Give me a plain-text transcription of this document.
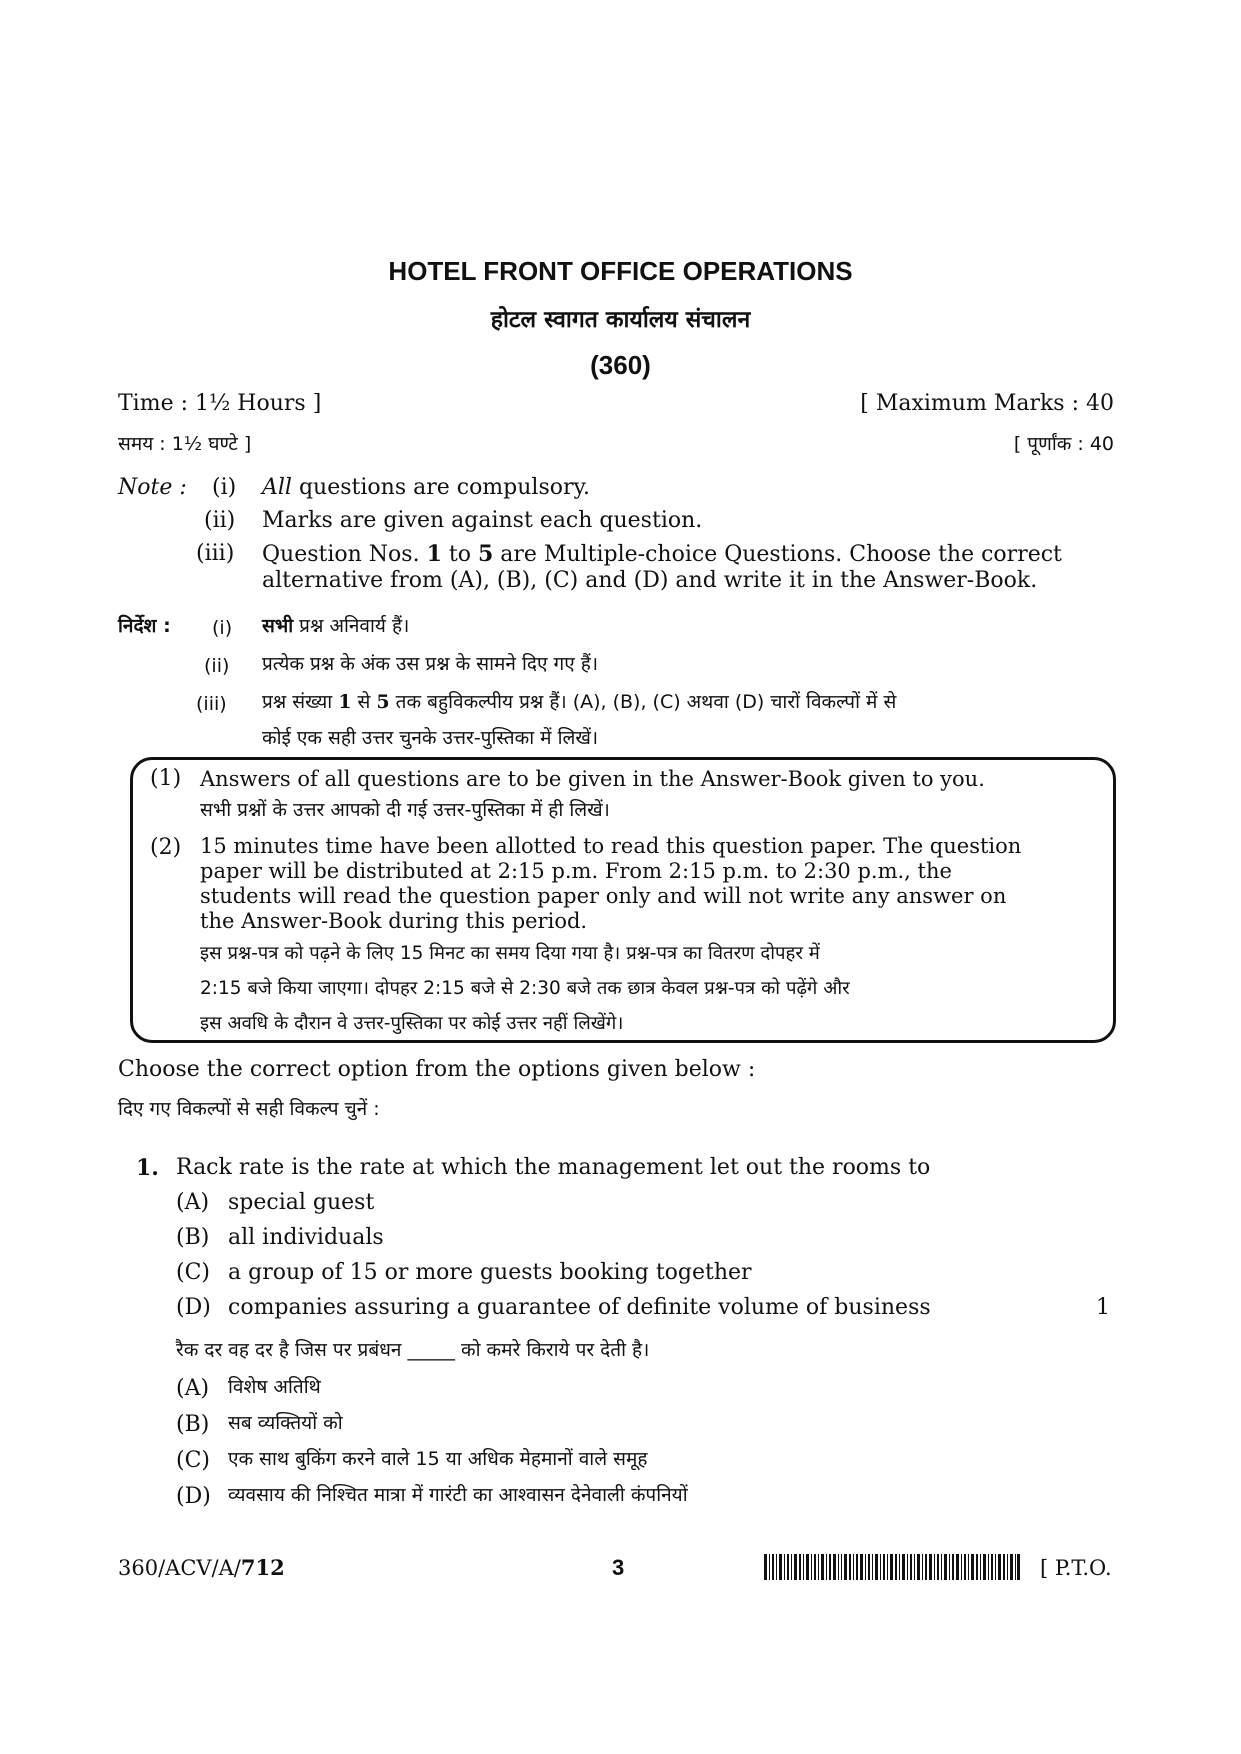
HOTEL FRONT OFFICE OPERATIONS
होटल स्वागत कार्यालय संचालन
(360)
Time : 1½ Hours ]	[ Maximum Marks : 40
समय : 1½ घण्टे ]	[ पूर्णांक : 40
Note : (i) All questions are compulsory.
(ii) Marks are given against each question.
(iii) Question Nos. 1 to 5 are Multiple-choice Questions. Choose the correct
alternative from (A), (B), (C) and (D) and write it in the Answer-Book.
निर्देश : (i) सभी प्रश्न अनिवार्य हैं।
(ii) प्रत्येक प्रश्न के अंक उस प्रश्न के सामने दिए गए हैं।
(iii) प्रश्न संख्या 1 से 5 तक बहुविकल्पीय प्रश्न हैं। (A), (B), (C) अथवा (D) चारों विकल्पों में से
कोई एक सही उत्तर चुनके उत्तर-पुस्तिका में लिखें।
(1) Answers of all questions are to be given in the Answer-Book given to you.
सभी प्रश्नों के उत्तर आपको दी गई उत्तर-पुस्तिका में ही लिखें।
(2) 15 minutes time have been allotted to read this question paper. The question
paper will be distributed at 2:15 p.m. From 2:15 p.m. to 2:30 p.m., the
students will read the question paper only and will not write any answer on
the Answer-Book during this period.
इस प्रश्न-पत्र को पढ़ने के लिए 15 मिनट का समय दिया गया है। प्रश्न-पत्र का वितरण दोपहर में
2:15 बजे किया जाएगा। दोपहर 2:15 बजे से 2:30 बजे तक छात्र केवल प्रश्न-पत्र को पढ़ेंगे और
इस अवधि के दौरान वे उत्तर-पुस्तिका पर कोई उत्तर नहीं लिखेंगे।
Choose the correct option from the options given below :
दिए गए विकल्पों से सही विकल्प चुनें :
1. Rack rate is the rate at which the management let out the rooms to
(A) special guest
(B) all individuals
(C) a group of 15 or more guests booking together
(D) companies assuring a guarantee of definite volume of business	1
रैक दर वह दर है जिस पर प्रबंधन _____ को कमरे किराये पर देती है।
(A) विशेष अतिथि
(B) सब व्यक्तियों को
(C) एक साथ बुकिंग करने वाले 15 या अधिक मेहमानों वाले समूह
(D) व्यवसाय की निश्चित मात्रा में गारंटी का आश्वासन देनेवाली कंपनियों
360/ACV/A/712	3	[ P.T.O.
